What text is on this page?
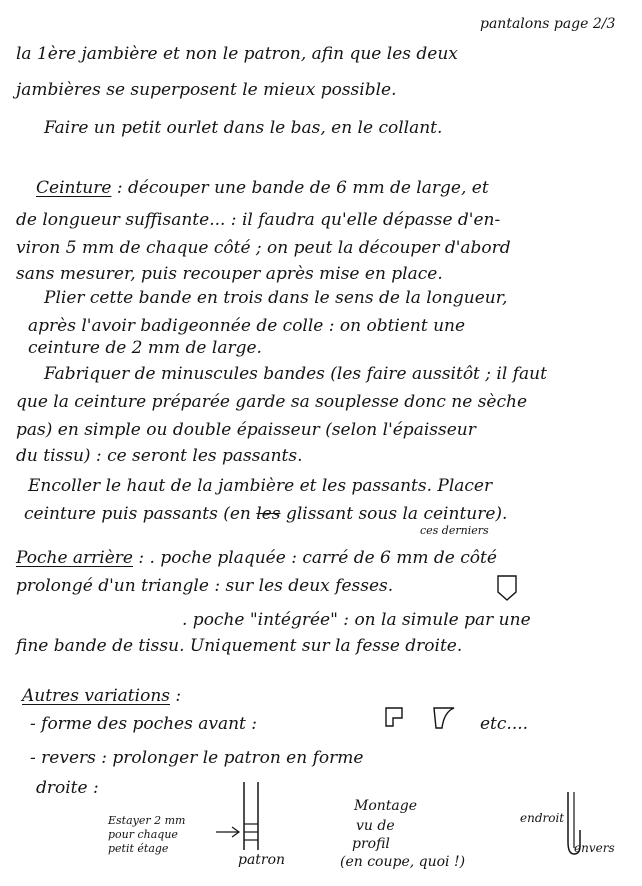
pantalons page 2/3
la 1ère jambière et non le patron, afin que les deux
jambières se superposent le mieux possible.
Faire un petit ourlet dans le bas, en le collant.
Ceinture : découper une bande de 6 mm de large, et
de longueur suffisante... : il faudra qu'elle dépasse d'en-
viron 5 mm de chaque côté ; on peut la découper d'abord
sans mesurer, puis recouper après mise en place.
Plier cette bande en trois dans le sens de la longueur,
après l'avoir badigeonnée de colle : on obtient une
ceinture de 2 mm de large.
Fabriquer de minuscules bandes (les faire aussitôt ; il faut
que la ceinture préparée garde sa souplesse donc ne sèche
pas) en simple ou double épaisseur (selon l'épaisseur
du tissu) : ce seront les passants.
Encoller le haut de la jambière et les passants. Placer
ceinture puis passants (en les glissant sous la ceinture).
ces derniers
Poche arrière : . poche plaquée : carré de 6 mm de côté
prolongé d'un triangle : sur les deux fesses.
. poche "intégrée" : on la simule par une
fine bande de tissu. Uniquement sur la fesse droite.
Autres variations :
- forme des poches avant :	etc....
- revers : prolonger le patron en forme
droite :
Estayer 2 mm
pour chaque
petit étage
patron
Montage
vu de
profil
(en coupe, quoi !)
endroit
envers
